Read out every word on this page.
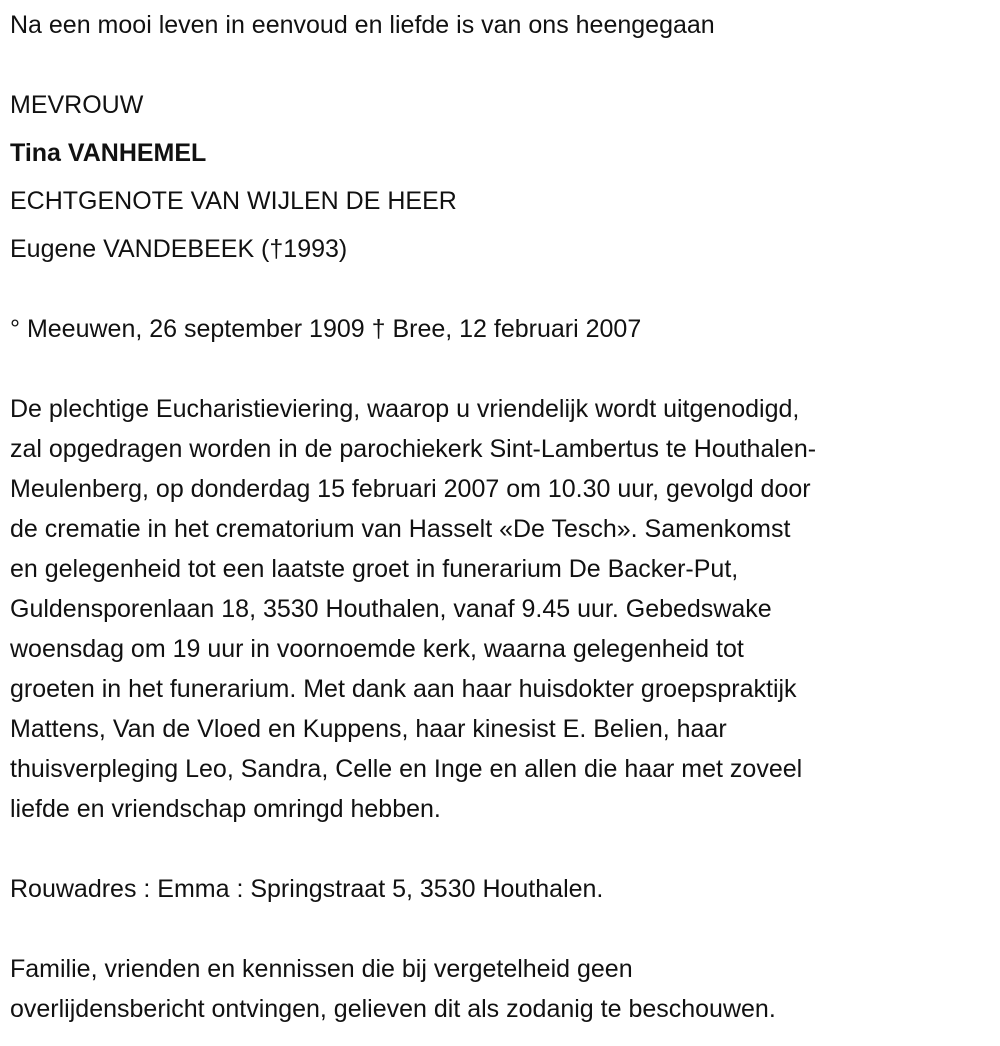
Na een mooi leven in eenvoud en liefde is van ons heengegaan
MEVROUW
Tina VANHEMEL
ECHTGENOTE VAN WIJLEN DE HEER
Eugene VANDEBEEK (†1993)
° Meeuwen, 26 september 1909 † Bree, 12 februari 2007
De plechtige Eucharistieviering, waarop u vriendelijk wordt uitgenodigd,
zal opgedragen worden in de parochiekerk Sint-Lambertus te Houthalen-
Meulenberg, op donderdag 15 februari 2007 om 10.30 uur, gevolgd door
de crematie in het crematorium van Hasselt «De Tesch». Samenkomst
en gelegenheid tot een laatste groet in funerarium De Backer-Put,
Guldensporenlaan 18, 3530 Houthalen, vanaf 9.45 uur. Gebedswake
woensdag om 19 uur in voornoemde kerk, waarna gelegenheid tot
groeten in het funerarium. Met dank aan haar huisdokter groepspraktijk
Mattens, Van de Vloed en Kuppens, haar kinesist E. Belien, haar
thuisverpleging Leo, Sandra, Celle en Inge en allen die haar met zoveel
liefde en vriendschap omringd hebben.
Rouwadres : Emma : Springstraat 5, 3530 Houthalen.
Familie, vrienden en kennissen die bij vergetelheid geen
overlijdensbericht ontvingen, gelieven dit als zodanig te beschouwen.
